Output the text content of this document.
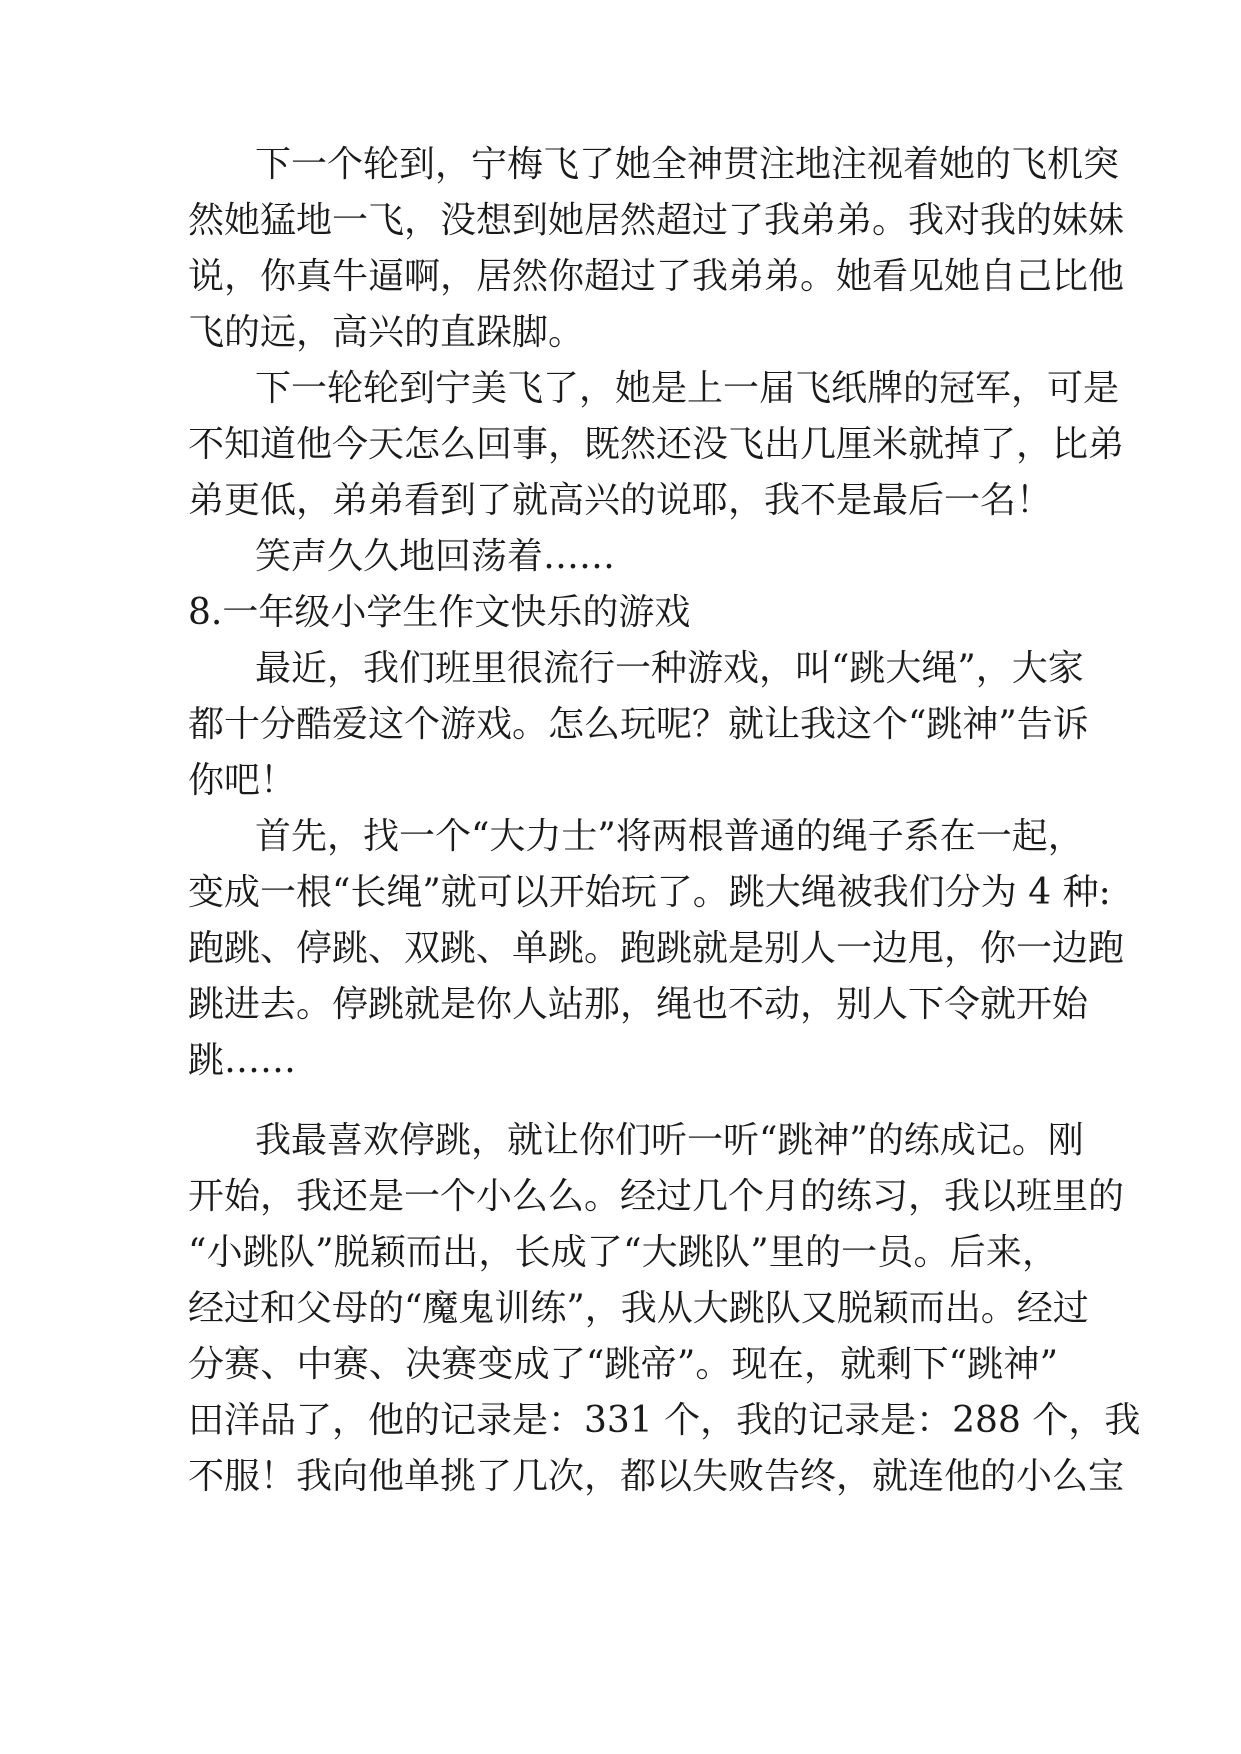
下一个轮到，宁梅飞了她全神贯注地注视着她的飞机突
然她猛地一飞，没想到她居然超过了我弟弟。我对我的妹妹
说，你真牛逼啊，居然你超过了我弟弟。她看见她自己比他
飞的远，高兴的直跺脚。
下一轮轮到宁美飞了，她是上一届飞纸牌的冠军，可是
不知道他今天怎么回事，既然还没飞出几厘米就掉了，比弟
弟更低，弟弟看到了就高兴的说耶，我不是最后一名！
笑声久久地回荡着……
8.一年级小学生作文快乐的游戏
最近，我们班里很流行一种游戏，叫“跳大绳”，大家
都十分酷爱这个游戏。怎么玩呢？就让我这个“跳神”告诉
你吧！
首先，找一个“大力士”将两根普通的绳子系在一起，
变成一根“长绳”就可以开始玩了。跳大绳被我们分为 4 种:
跑跳、停跳、双跳、单跳。跑跳就是别人一边甩，你一边跑
跳进去。停跳就是你人站那，绳也不动，别人下令就开始
跳……
我最喜欢停跳，就让你们听一听“跳神”的练成记。刚
开始，我还是一个小么么。经过几个月的练习，我以班里的
“小跳队”脱颖而出，长成了“大跳队”里的一员。后来，
经过和父母的“魔鬼训练”，我从大跳队又脱颖而出。经过
分赛、中赛、决赛变成了“跳帝”。现在，就剩下“跳神”
田洋品了，他的记录是：331 个，我的记录是：288 个，我
不服！我向他单挑了几次，都以失败告终，就连他的小么宝
